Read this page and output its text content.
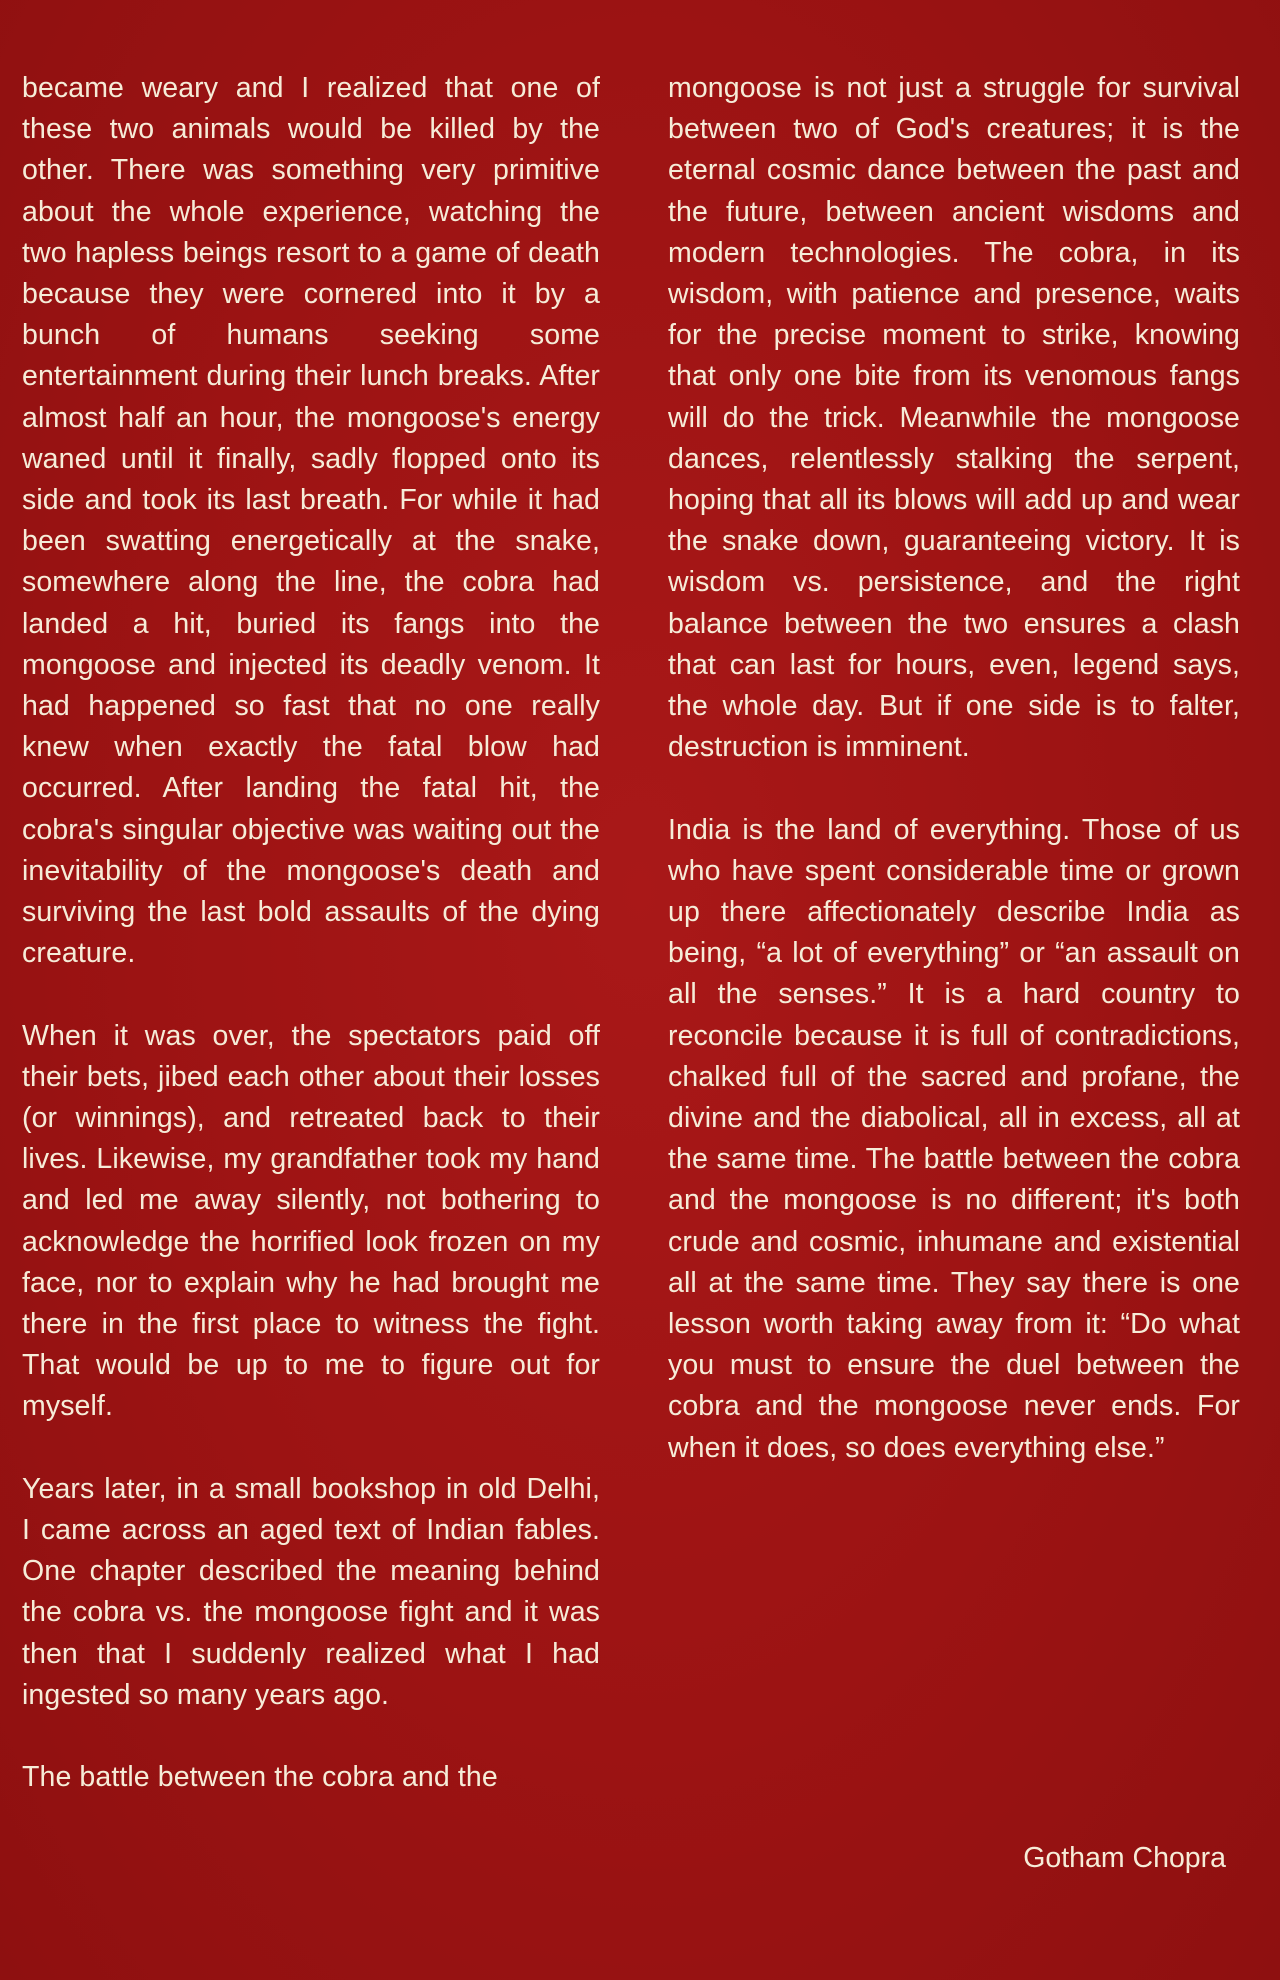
became weary and I realized that one of these two animals would be killed by the other. There was something very primitive about the whole experience, watching the two hapless beings resort to a game of death because they were cornered into it by a bunch of humans seeking some entertainment during their lunch breaks. After almost half an hour, the mongoose's energy waned until it finally, sadly flopped onto its side and took its last breath. For while it had been swatting energetically at the snake, somewhere along the line, the cobra had landed a hit, buried its fangs into the mongoose and injected its deadly venom. It had happened so fast that no one really knew when exactly the fatal blow had occurred. After landing the fatal hit, the cobra's singular objective was waiting out the inevitability of the mongoose's death and surviving the last bold assaults of the dying creature.

When it was over, the spectators paid off their bets, jibed each other about their losses (or winnings), and retreated back to their lives. Likewise, my grandfather took my hand and led me away silently, not bothering to acknowledge the horrified look frozen on my face, nor to explain why he had brought me there in the first place to witness the fight. That would be up to me to figure out for myself.

Years later, in a small bookshop in old Delhi, I came across an aged text of Indian fables. One chapter described the meaning behind the cobra vs. the mongoose fight and it was then that I suddenly realized what I had ingested so many years ago.

The battle between the cobra and the

mongoose is not just a struggle for survival between two of God's creatures; it is the eternal cosmic dance between the past and the future, between ancient wisdoms and modern technologies. The cobra, in its wisdom, with patience and presence, waits for the precise moment to strike, knowing that only one bite from its venomous fangs will do the trick. Meanwhile the mongoose dances, relentlessly stalking the serpent, hoping that all its blows will add up and wear the snake down, guaranteeing victory. It is wisdom vs. persistence, and the right balance between the two ensures a clash that can last for hours, even, legend says, the whole day. But if one side is to falter, destruction is imminent.

India is the land of everything. Those of us who have spent considerable time or grown up there affectionately describe India as being, “a lot of everything” or “an assault on all the senses.” It is a hard country to reconcile because it is full of contradictions, chalked full of the sacred and profane, the divine and the diabolical, all in excess, all at the same time. The battle between the cobra and the mongoose is no different; it's both crude and cosmic, inhumane and existential all at the same time. They say there is one lesson worth taking away from it: “Do what you must to ensure the duel between the cobra and the mongoose never ends. For when it does, so does everything else.”

Gotham Chopra
